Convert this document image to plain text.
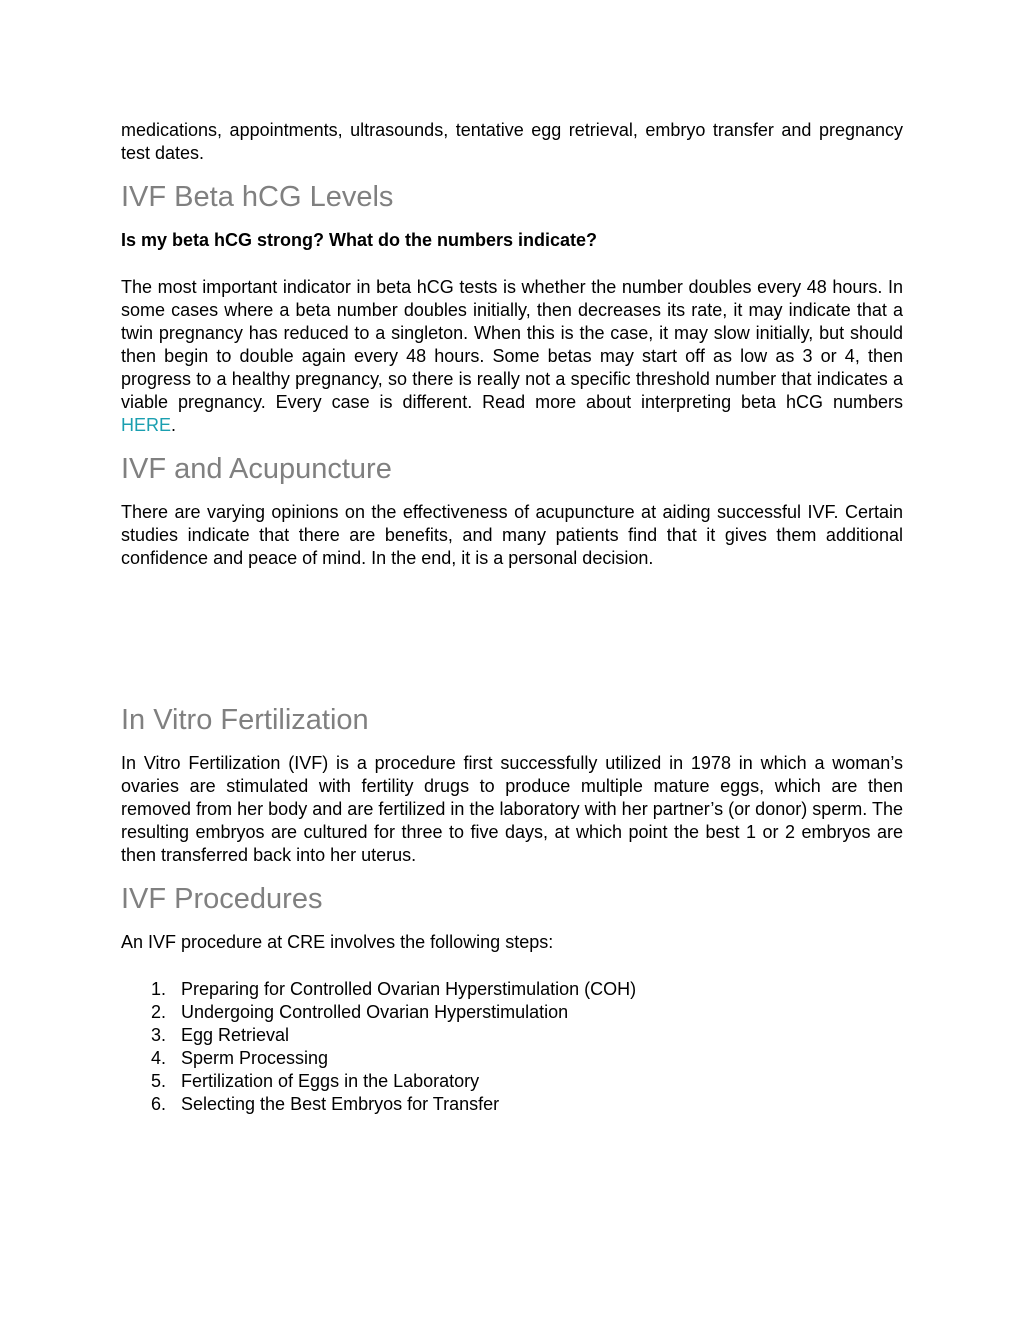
medications, appointments, ultrasounds, tentative egg retrieval, embryo transfer and pregnancy test dates.

IVF Beta hCG Levels

Is my beta hCG strong? What do the numbers indicate?

The most important indicator in beta hCG tests is whether the number doubles every 48 hours. In some cases where a beta number doubles initially, then decreases its rate, it may indicate that a twin pregnancy has reduced to a singleton. When this is the case, it may slow initially, but should then begin to double again every 48 hours. Some betas may start off as low as 3 or 4, then progress to a healthy pregnancy, so there is really not a specific threshold number that indicates a viable pregnancy. Every case is different. Read more about interpreting beta hCG numbers HERE.

IVF and Acupuncture

There are varying opinions on the effectiveness of acupuncture at aiding successful IVF. Certain studies indicate that there are benefits, and many patients find that it gives them additional confidence and peace of mind. In the end, it is a personal decision.

In Vitro Fertilization

In Vitro Fertilization (IVF) is a procedure first successfully utilized in 1978 in which a woman’s ovaries are stimulated with fertility drugs to produce multiple mature eggs, which are then removed from her body and are fertilized in the laboratory with her partner’s (or donor) sperm. The resulting embryos are cultured for three to five days, at which point the best 1 or 2 embryos are then transferred back into her uterus.

IVF Procedures

An IVF procedure at CRE involves the following steps:

1. Preparing for Controlled Ovarian Hyperstimulation (COH)
2. Undergoing Controlled Ovarian Hyperstimulation
3. Egg Retrieval
4. Sperm Processing
5. Fertilization of Eggs in the Laboratory
6. Selecting the Best Embryos for Transfer
